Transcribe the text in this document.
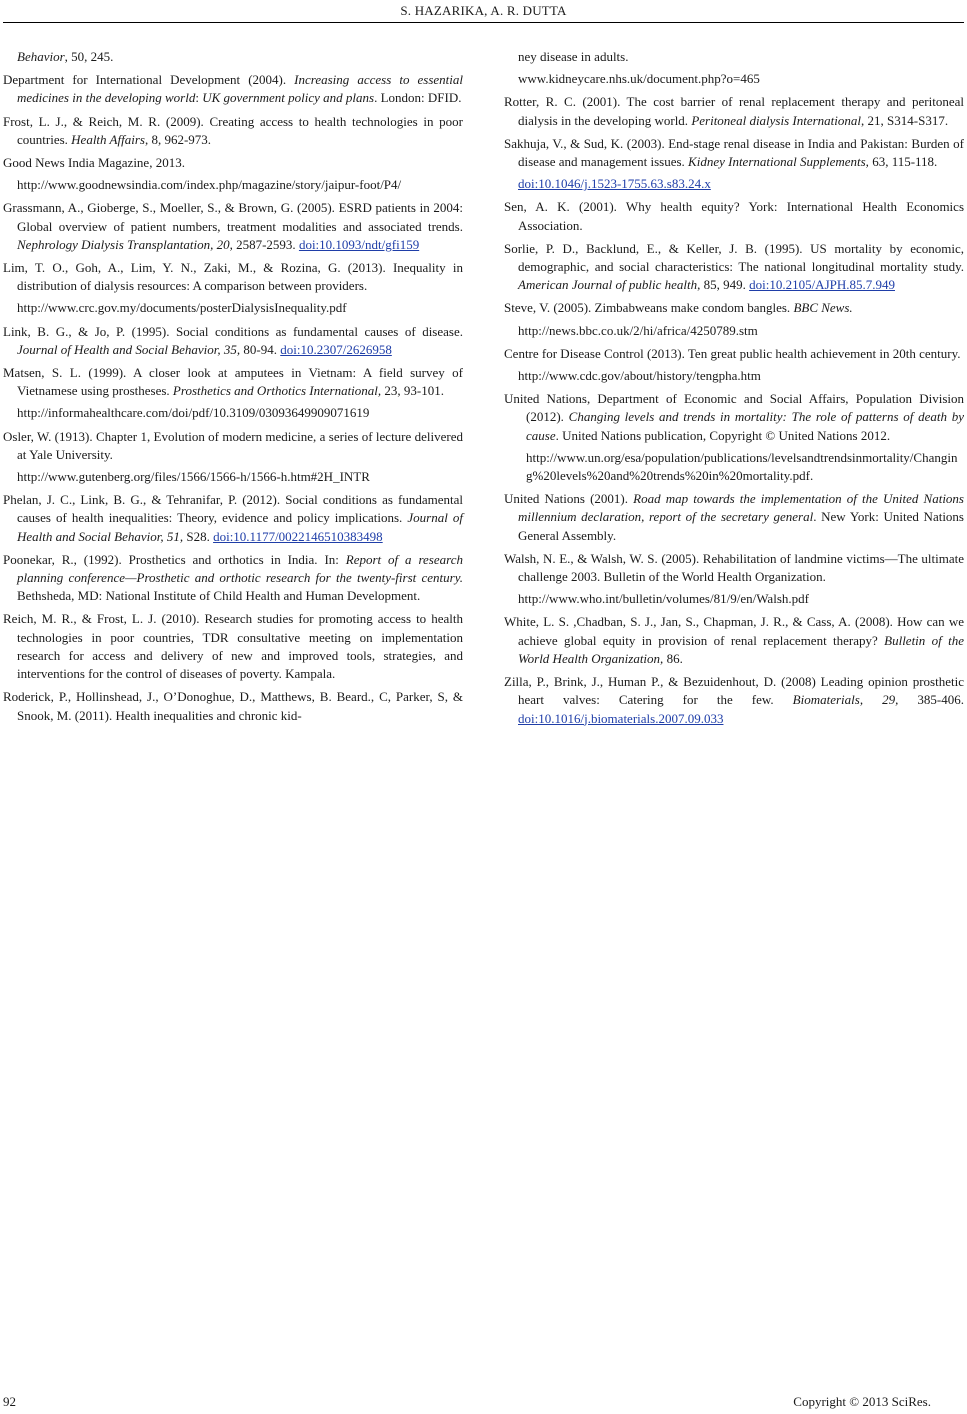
S. HAZARIKA, A. R. DUTTA
Behavior, 50, 245.
Department for International Development (2004). Increasing access to essential medicines in the developing world: UK government policy and plans. London: DFID.
Frost, L. J., & Reich, M. R. (2009). Creating access to health technologies in poor countries. Health Affairs, 8, 962-973.
Good News India Magazine, 2013.
http://www.goodnewsindia.com/index.php/magazine/story/jaipur-foot/P4/
Grassmann, A., Gioberge, S., Moeller, S., & Brown, G. (2005). ESRD patients in 2004: Global overview of patient numbers, treatment modalities and associated trends. Nephrology Dialysis Transplantation, 20, 2587-2593. doi:10.1093/ndt/gfi159
Lim, T. O., Goh, A., Lim, Y. N., Zaki, M., & Rozina, G. (2013). Inequality in distribution of dialysis resources: A comparison between providers.
http://www.crc.gov.my/documents/posterDialysisInequality.pdf
Link, B. G., & Jo, P. (1995). Social conditions as fundamental causes of disease. Journal of Health and Social Behavior, 35, 80-94. doi:10.2307/2626958
Matsen, S. L. (1999). A closer look at amputees in Vietnam: A field survey of Vietnamese using prostheses. Prosthetics and Orthotics International, 23, 93-101.
http://informahealthcare.com/doi/pdf/10.3109/03093649909071619
Osler, W. (1913). Chapter 1, Evolution of modern medicine, a series of lecture delivered at Yale University.
http://www.gutenberg.org/files/1566/1566-h/1566-h.htm#2H_INTR
Phelan, J. C., Link, B. G., & Tehranifar, P. (2012). Social conditions as fundamental causes of health inequalities: Theory, evidence and policy implications. Journal of Health and Social Behavior, 51, S28. doi:10.1177/0022146510383498
Poonekar, R., (1992). Prosthetics and orthotics in India. In: Report of a research planning conference—Prosthetic and orthotic research for the twenty-first century. Bethsheda, MD: National Institute of Child Health and Human Development.
Reich, M. R., & Frost, L. J. (2010). Research studies for promoting access to health technologies in poor countries, TDR consultative meeting on implementation research for access and delivery of new and improved tools, strategies, and interventions for the control of diseases of poverty. Kampala.
Roderick, P., Hollinshead, J., O’Donoghue, D., Matthews, B. Beard., C, Parker, S, & Snook, M. (2011). Health inequalities and chronic kid-
ney disease in adults.
www.kidneycare.nhs.uk/document.php?o=465
Rotter, R. C. (2001). The cost barrier of renal replacement therapy and peritoneal dialysis in the developing world. Peritoneal dialysis International, 21, S314-S317.
Sakhuja, V., & Sud, K. (2003). End-stage renal disease in India and Pakistan: Burden of disease and management issues. Kidney International Supplements, 63, 115-118.
doi:10.1046/j.1523-1755.63.s83.24.x
Sen, A. K. (2001). Why health equity? York: International Health Economics Association.
Sorlie, P. D., Backlund, E., & Keller, J. B. (1995). US mortality by economic, demographic, and social characteristics: The national longitudinal mortality study. American Journal of public health, 85, 949. doi:10.2105/AJPH.85.7.949
Steve, V. (2005). Zimbabweans make condom bangles. BBC News.
http://news.bbc.co.uk/2/hi/africa/4250789.stm
Centre for Disease Control (2013). Ten great public health achievement in 20th century.
http://www.cdc.gov/about/history/tengpha.htm
United Nations, Department of Economic and Social Affairs, Population Division (2012). Changing levels and trends in mortality: The role of patterns of death by cause. United Nations publication, Copyright © United Nations 2012.
http://www.un.org/esa/population/publications/levelsandtrendsinmortality/Changing%20levels%20and%20trends%20in%20mortality.pdf.
United Nations (2001). Road map towards the implementation of the United Nations millennium declaration, report of the secretary general. New York: United Nations General Assembly.
Walsh, N. E., & Walsh, W. S. (2005). Rehabilitation of landmine victims—The ultimate challenge 2003. Bulletin of the World Health Organization.
http://www.who.int/bulletin/volumes/81/9/en/Walsh.pdf
White, L. S. ,Chadban, S. J., Jan, S., Chapman, J. R., & Cass, A. (2008). How can we achieve global equity in provision of renal replacement therapy? Bulletin of the World Health Organization, 86.
Zilla, P., Brink, J., Human P., & Bezuidenhout, D. (2008) Leading opinion prosthetic heart valves: Catering for the few. Biomaterials, 29, 385-406. doi:10.1016/j.biomaterials.2007.09.033
92	Copyright © 2013 SciRes.
